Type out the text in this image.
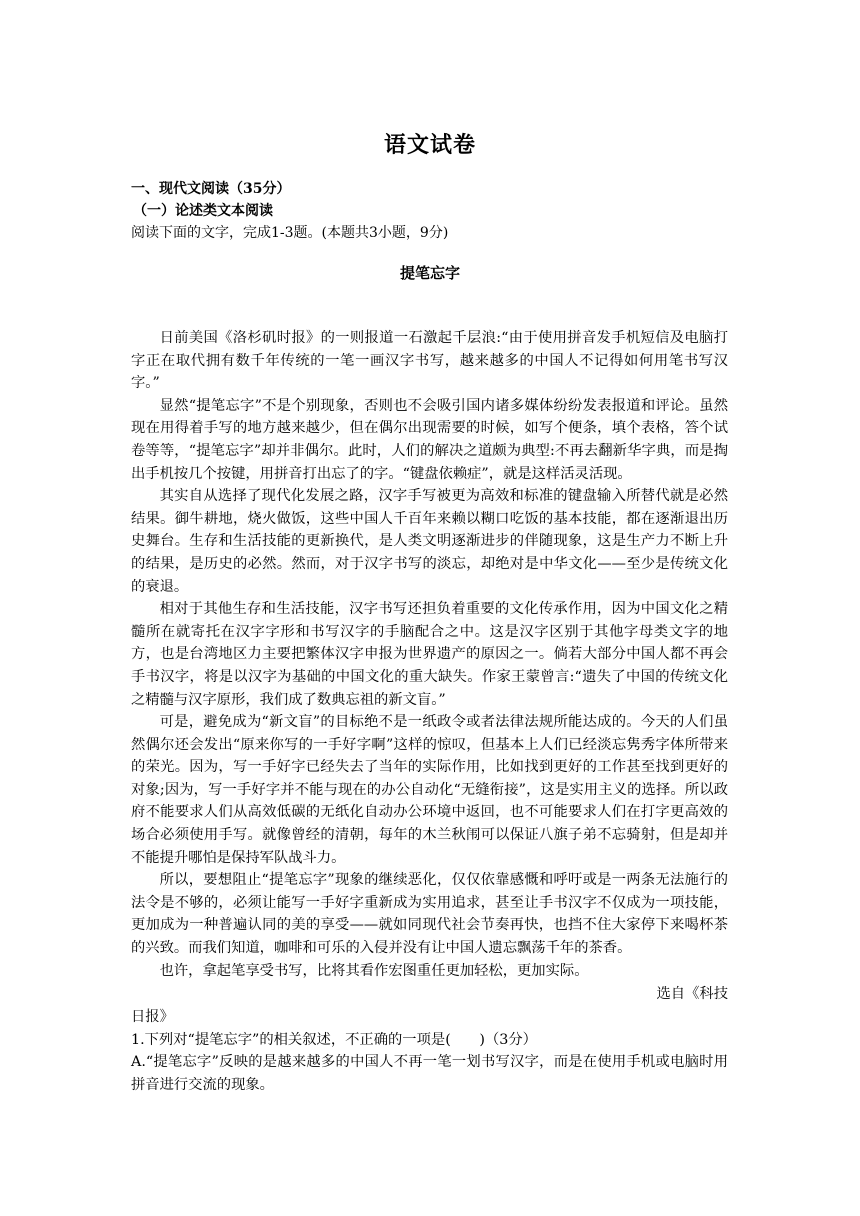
语文试卷
一、现代文阅读（35分）
（一）论述类文本阅读
阅读下面的文字，完成1-3题。(本题共3小题，9分)
提笔忘字

日前美国《洛杉矶时报》的一则报道一石激起千层浪:“由于使用拼音发手机短信及电脑打字正在取代拥有数千年传统的一笔一画汉字书写，越来越多的中国人不记得如何用笔书写汉字。”

显然“提笔忘字”不是个别现象，否则也不会吸引国内诸多媒体纷纷发表报道和评论。虽然现在用得着手写的地方越来越少，但在偶尔出现需要的时候，如写个便条，填个表格，答个试卷等等，“提笔忘字”却并非偶尔。此时，人们的解决之道颇为典型:不再去翻新华字典，而是掏出手机按几个按键，用拼音打出忘了的字。“键盘依赖症”，就是这样活灵活现。

其实自从选择了现代化发展之路，汉字手写被更为高效和标准的键盘输入所替代就是必然结果。御牛耕地，烧火做饭，这些中国人千百年来赖以糊口吃饭的基本技能，都在逐渐退出历史舞台。生存和生活技能的更新换代，是人类文明逐渐进步的伴随现象，这是生产力不断上升的结果，是历史的必然。然而，对于汉字书写的淡忘，却绝对是中华文化——至少是传统文化的衰退。

相对于其他生存和生活技能，汉字书写还担负着重要的文化传承作用，因为中国文化之精髓所在就寄托在汉字字形和书写汉字的手脑配合之中。这是汉字区别于其他字母类文字的地方，也是台湾地区力主要把繁体汉字申报为世界遗产的原因之一。倘若大部分中国人都不再会手书汉字，将是以汉字为基础的中国文化的重大缺失。作家王蒙曾言:“遗失了中国的传统文化之精髓与汉字原形，我们成了数典忘祖的新文盲。”

可是，避免成为“新文盲”的目标绝不是一纸政令或者法律法规所能达成的。今天的人们虽然偶尔还会发出“原来你写的一手好字啊”这样的惊叹，但基本上人们已经淡忘隽秀字体所带来的荣光。因为，写一手好字已经失去了当年的实际作用，比如找到更好的工作甚至找到更好的对象;因为，写一手好字并不能与现在的办公自动化“无缝衔接”，这是实用主义的选择。所以政府不能要求人们从高效低碳的无纸化自动办公环境中返回，也不可能要求人们在打字更高效的场合必须使用手写。就像曾经的清朝，每年的木兰秋闱可以保证八旗子弟不忘骑射，但是却并不能提升哪怕是保持军队战斗力。

所以，要想阻止“提笔忘字”现象的继续恶化，仅仅依靠感慨和呼吁或是一两条无法施行的法令是不够的，必须让能写一手好字重新成为实用追求，甚至让手书汉字不仅成为一项技能，更加成为一种普遍认同的美的享受——就如同现代社会节奏再快，也挡不住大家停下来喝杯茶的兴致。而我们知道，咖啡和可乐的入侵并没有让中国人遗忘飘荡千年的茶香。

也许，拿起笔享受书写，比将其看作宏图重任更加轻松，更加实际。

选自《科技
日报》
1.下列对“提笔忘字”的相关叙述，不正确的一项是(　　)（3分）
A.“提笔忘字”反映的是越来越多的中国人不再一笔一划书写汉字，而是在使用手机或电脑时用拼音进行交流的现象。
